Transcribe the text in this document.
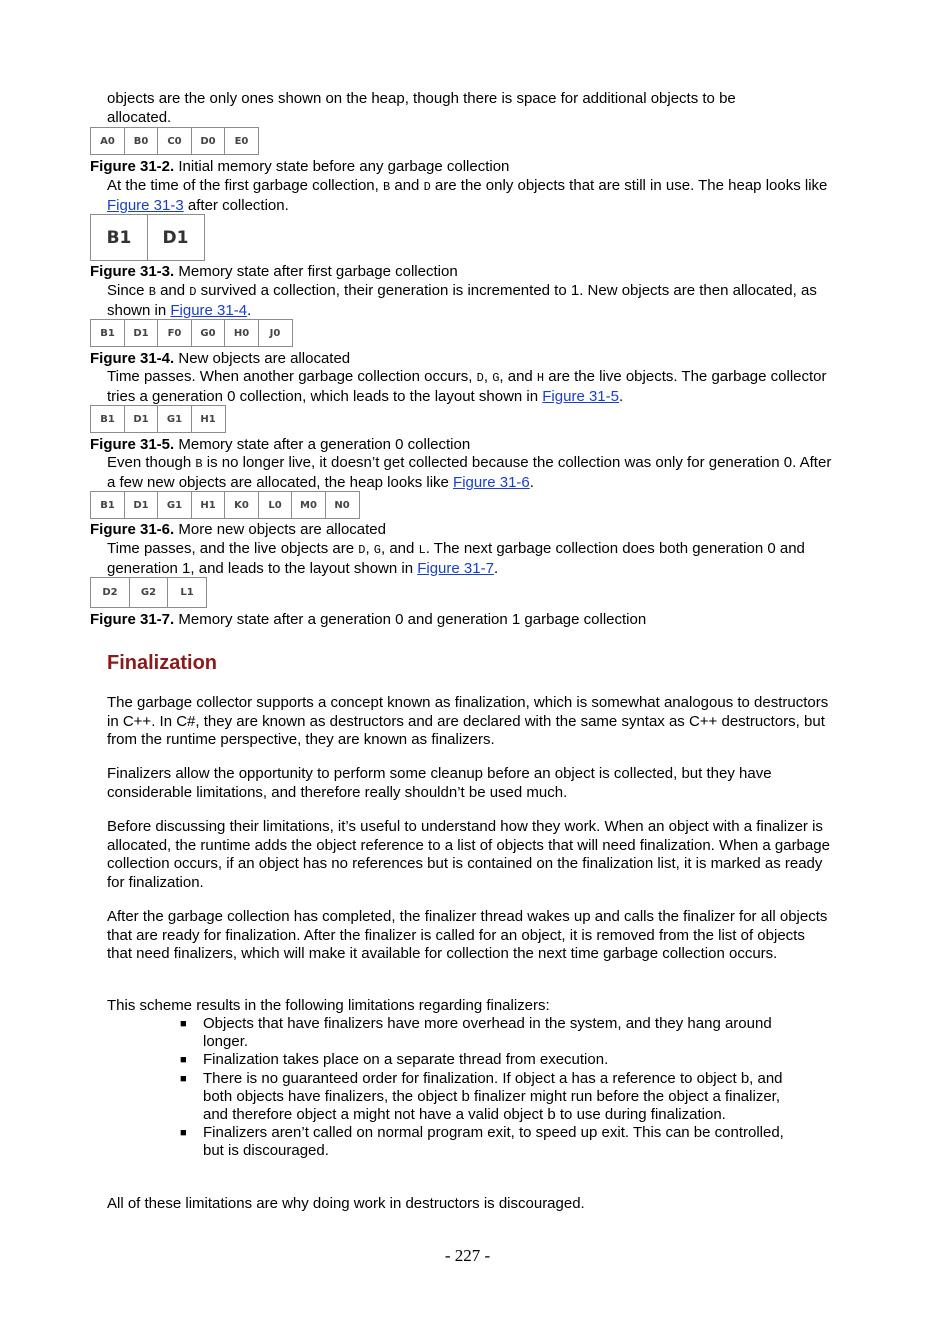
objects are the only ones shown on the heap, though there is space for additional objects to be
allocated.

A0	B0	C0	D0	E0

Figure 31-2. Initial memory state before any garbage collection

At the time of the first garbage collection, B and D are the only objects that are still in use. The heap looks like Figure 31-3 after collection.

B1	D1

Figure 31-3. Memory state after first garbage collection

Since B and D survived a collection, their generation is incremented to 1. New objects are then allocated, as shown in Figure 31-4.

B1	D1	F0	G0	H0	J0

Figure 31-4. New objects are allocated

Time passes. When another garbage collection occurs, D, G, and H are the live objects. The garbage collector tries a generation 0 collection, which leads to the layout shown in Figure 31-5.

B1	D1	G1	H1

Figure 31-5. Memory state after a generation 0 collection

Even though B is no longer live, it doesn’t get collected because the collection was only for generation 0. After a few new objects are allocated, the heap looks like Figure 31-6.

B1	D1	G1	H1	K0	L0	M0	N0

Figure 31-6. More new objects are allocated

Time passes, and the live objects are D, G, and L. The next garbage collection does both generation 0 and generation 1, and leads to the layout shown in Figure 31-7.

D2	G2	L1

Figure 31-7. Memory state after a generation 0 and generation 1 garbage collection

Finalization

The garbage collector supports a concept known as finalization, which is somewhat analogous to destructors in C++. In C#, they are known as destructors and are declared with the same syntax as C++ destructors, but from the runtime perspective, they are known as finalizers.

Finalizers allow the opportunity to perform some cleanup before an object is collected, but they have considerable limitations, and therefore really shouldn’t be used much.

Before discussing their limitations, it’s useful to understand how they work. When an object with a finalizer is allocated, the runtime adds the object reference to a list of objects that will need finalization. When a garbage collection occurs, if an object has no references but is contained on the finalization list, it is marked as ready for finalization.

After the garbage collection has completed, the finalizer thread wakes up and calls the finalizer for all objects that are ready for finalization. After the finalizer is called for an object, it is removed from the list of objects that need finalizers, which will make it available for collection the next time garbage collection occurs.

This scheme results in the following limitations regarding finalizers:

■ Objects that have finalizers have more overhead in the system, and they hang around longer.
■ Finalization takes place on a separate thread from execution.
■ There is no guaranteed order for finalization. If object a has a reference to object b, and both objects have finalizers, the object b finalizer might run before the object a finalizer, and therefore object a might not have a valid object b to use during finalization.
■ Finalizers aren’t called on normal program exit, to speed up exit. This can be controlled, but is discouraged.

All of these limitations are why doing work in destructors is discouraged.

- 227 -
